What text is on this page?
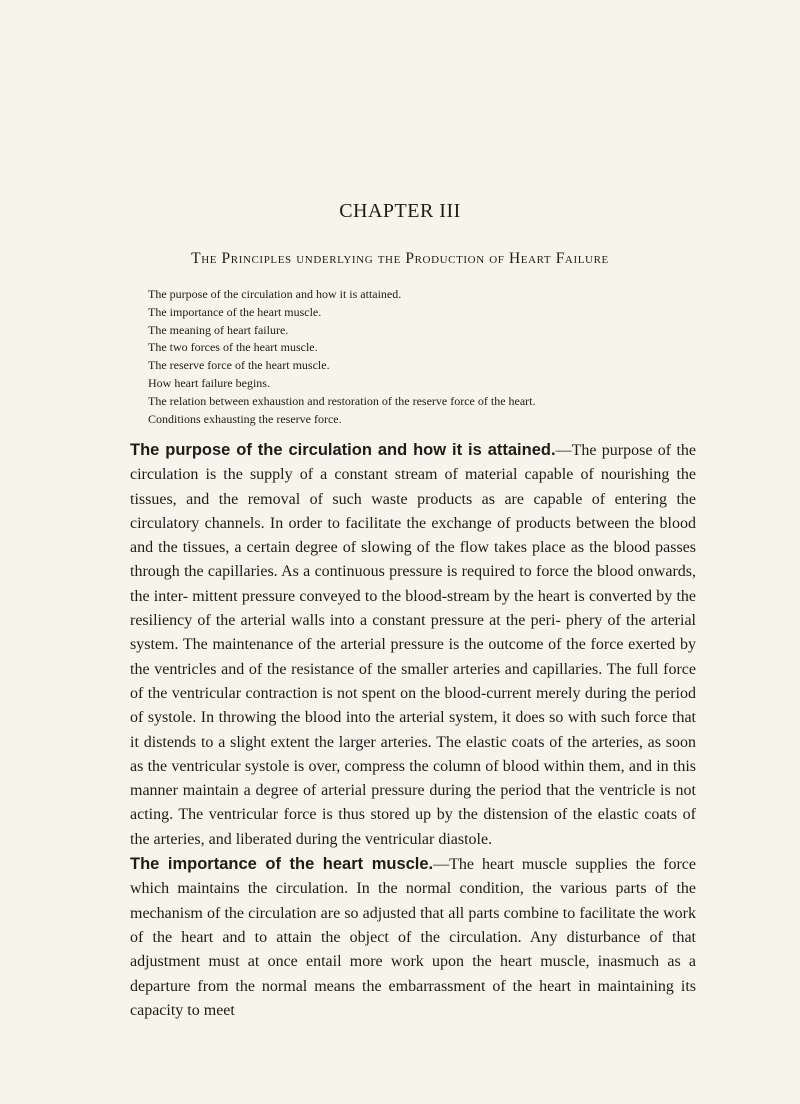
CHAPTER III
The Principles underlying the Production of Heart Failure
The purpose of the circulation and how it is attained.
The importance of the heart muscle.
The meaning of heart failure.
The two forces of the heart muscle.
The reserve force of the heart muscle.
How heart failure begins.
The relation between exhaustion and restoration of the reserve force of the heart.
Conditions exhausting the reserve force.

The purpose of the circulation and how it is attained.—The purpose of the circulation is the supply of a constant stream of material capable of nourishing the tissues, and the removal of such waste products as are capable of entering the circulatory channels. In order to facilitate the exchange of products between the blood and the tissues, a certain degree of slowing of the flow takes place as the blood passes through the capillaries. As a continuous pressure is required to force the blood onwards, the inter- mittent pressure conveyed to the blood-stream by the heart is converted by the resiliency of the arterial walls into a constant pressure at the peri- phery of the arterial system. The maintenance of the arterial pressure is the outcome of the force exerted by the ventricles and of the resistance of the smaller arteries and capillaries. The full force of the ventricular contraction is not spent on the blood-current merely during the period of systole. In throwing the blood into the arterial system, it does so with such force that it distends to a slight extent the larger arteries. The elastic coats of the arteries, as soon as the ventricular systole is over, compress the column of blood within them, and in this manner maintain a degree of arterial pressure during the period that the ventricle is not acting. The ventricular force is thus stored up by the distension of the elastic coats of the arteries, and liberated during the ventricular diastole.

The importance of the heart muscle.—The heart muscle supplies the force which maintains the circulation. In the normal condition, the various parts of the mechanism of the circulation are so adjusted that all parts combine to facilitate the work of the heart and to attain the object of the circulation. Any disturbance of that adjustment must at once entail more work upon the heart muscle, inasmuch as a departure from the normal means the embarrassment of the heart in maintaining its capacity to meet
